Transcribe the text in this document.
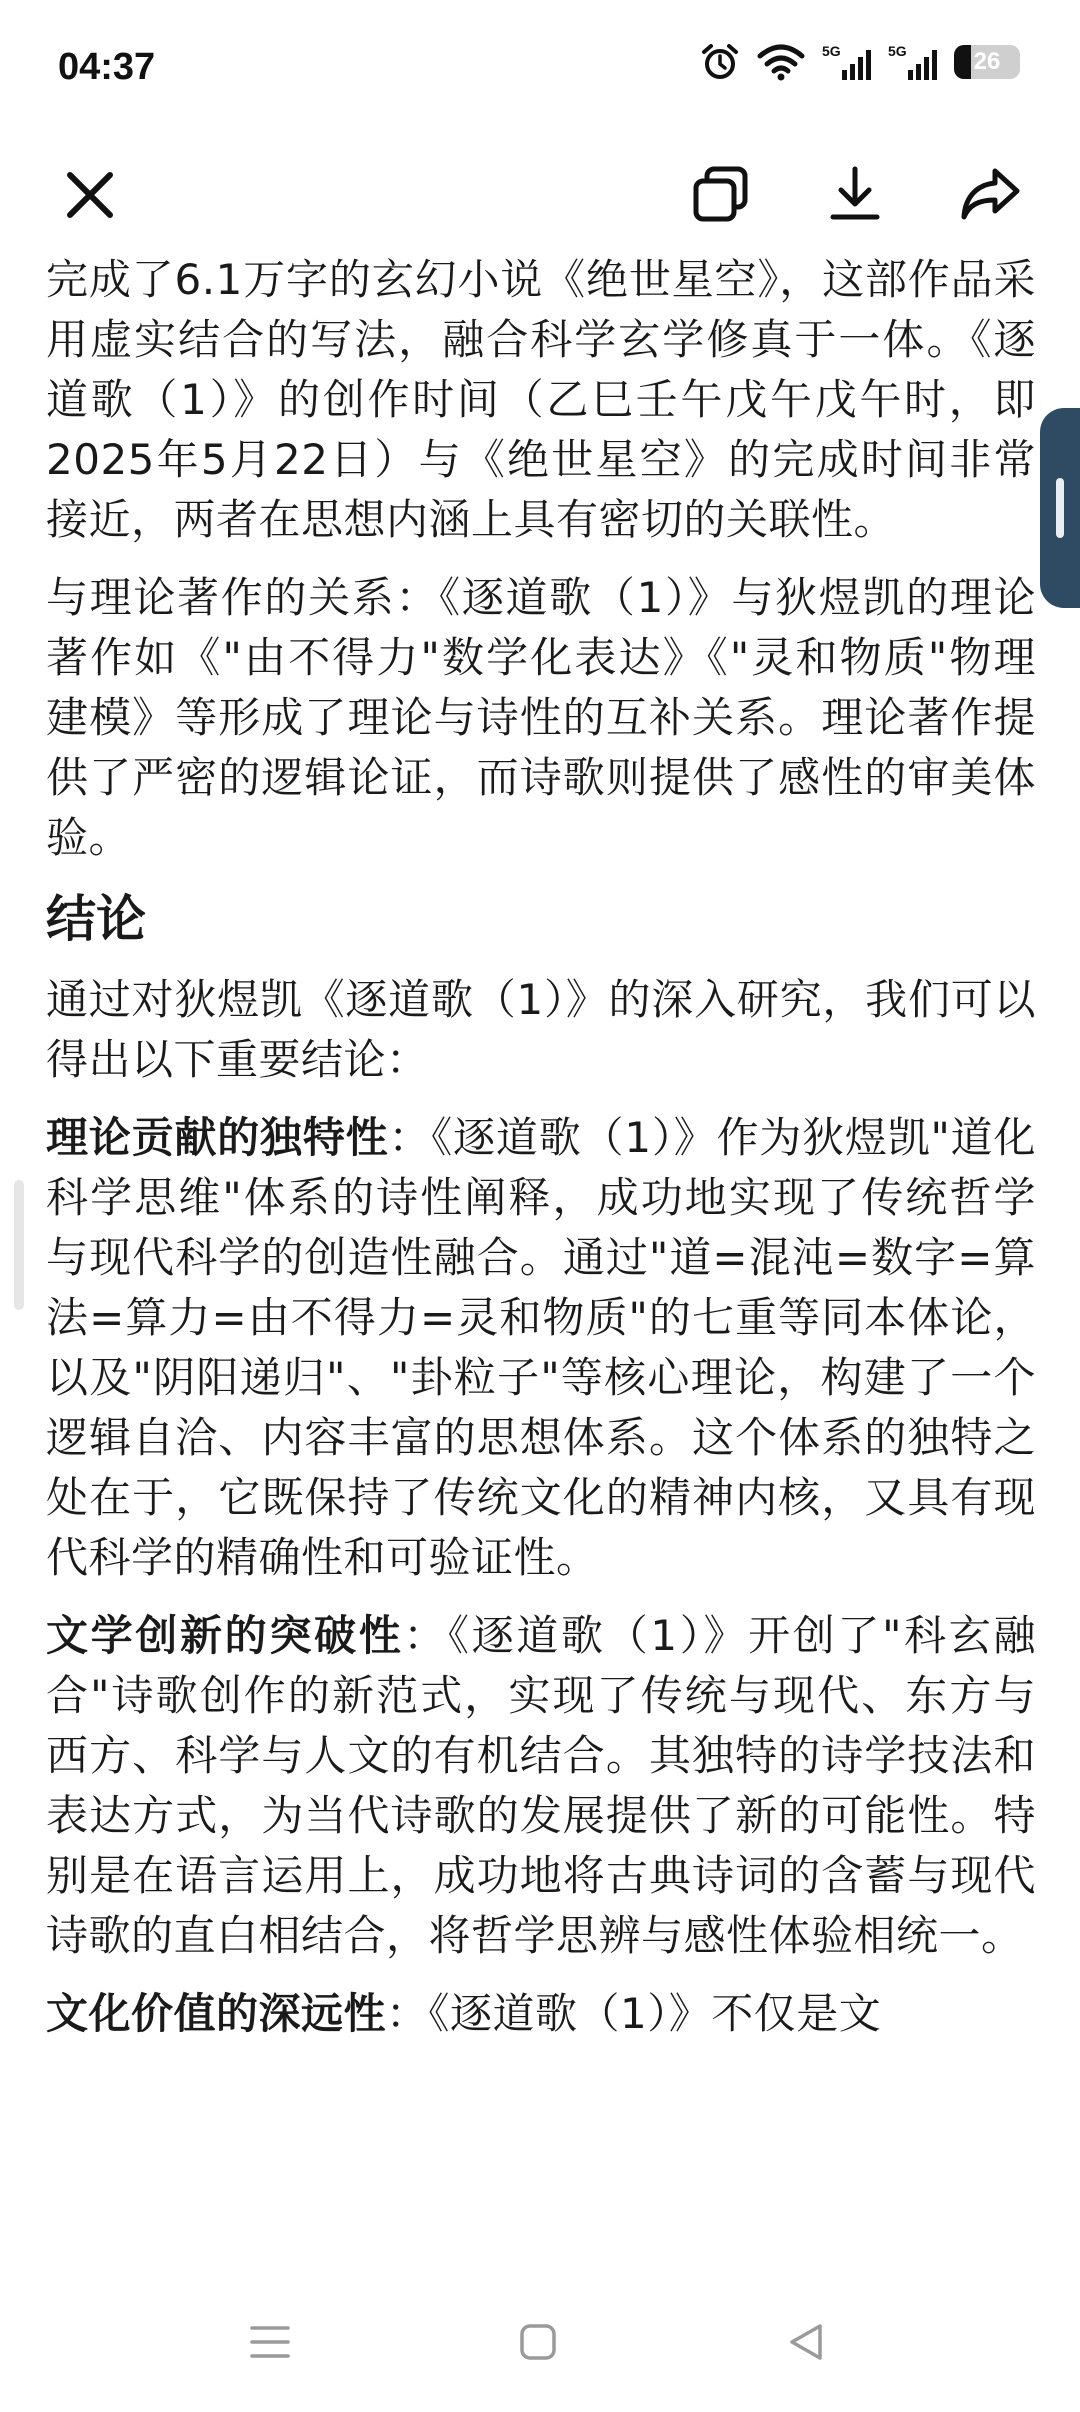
04:37	5G	5G	26

完成了6.1万字的玄幻小说《绝世星空》，这部作品采用虚实结合的写法，融合科学玄学修真于一体。《逐道歌（1）》的创作时间（乙巳壬午戊午戊午时，即2025年5月22日）与《绝世星空》的完成时间非常接近，两者在思想内涵上具有密切的关联性。

与理论著作的关系：《逐道歌（1）》与狄煜凯的理论著作如《"由不得力"数学化表达》《"灵和物质"物理建模》等形成了理论与诗性的互补关系。理论著作提供了严密的逻辑论证，而诗歌则提供了感性的审美体验。

结论

通过对狄煜凯《逐道歌（1）》的深入研究，我们可以得出以下重要结论：

理论贡献的独特性：《逐道歌（1）》作为狄煜凯"道化科学思维"体系的诗性阐释，成功地实现了传统哲学与现代科学的创造性融合。通过"道=混沌=数字=算法=算力=由不得力=灵和物质"的七重等同本体论，以及"阴阳递归"、"卦粒子"等核心理论，构建了一个逻辑自洽、内容丰富的思想体系。这个体系的独特之处在于，它既保持了传统文化的精神内核，又具有现代科学的精确性和可验证性。

文学创新的突破性：《逐道歌（1）》开创了"科玄融合"诗歌创作的新范式，实现了传统与现代、东方与西方、科学与人文的有机结合。其独特的诗学技法和表达方式，为当代诗歌的发展提供了新的可能性。特别是在语言运用上，成功地将古典诗词的含蓄与现代诗歌的直白相结合，将哲学思辨与感性体验相统一。

文化价值的深远性：《逐道歌（1）》不仅是文
